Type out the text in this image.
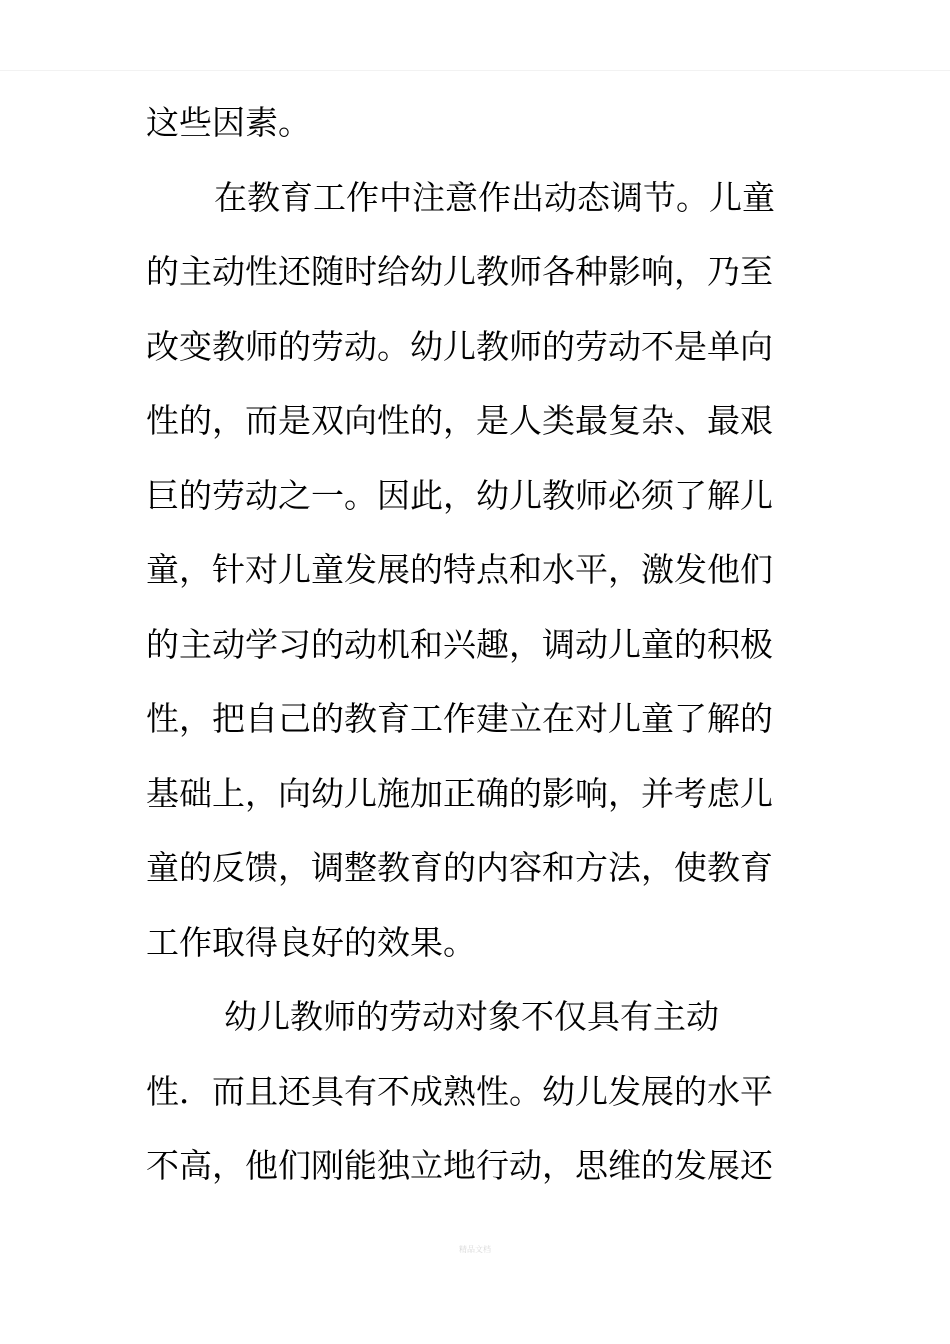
这些因素。
在教育工作中注意作出动态调节。儿童
的主动性还随时给幼儿教师各种影响，乃至
改变教师的劳动。幼儿教师的劳动不是单向
性的，而是双向性的，是人类最复杂、最艰
巨的劳动之一。因此，幼儿教师必须了解儿
童，针对儿童发展的特点和水平，激发他们
的主动学习的动机和兴趣，调动儿童的积极
性，把自己的教育工作建立在对儿童了解的
基础上，向幼儿施加正确的影响，并考虑儿
童的反馈，调整教育的内容和方法，使教育
工作取得良好的效果。
幼儿教师的劳动对象不仅具有主动
性．而且还具有不成熟性。幼儿发展的水平
不高，他们刚能独立地行动，思维的发展还
精品文档
